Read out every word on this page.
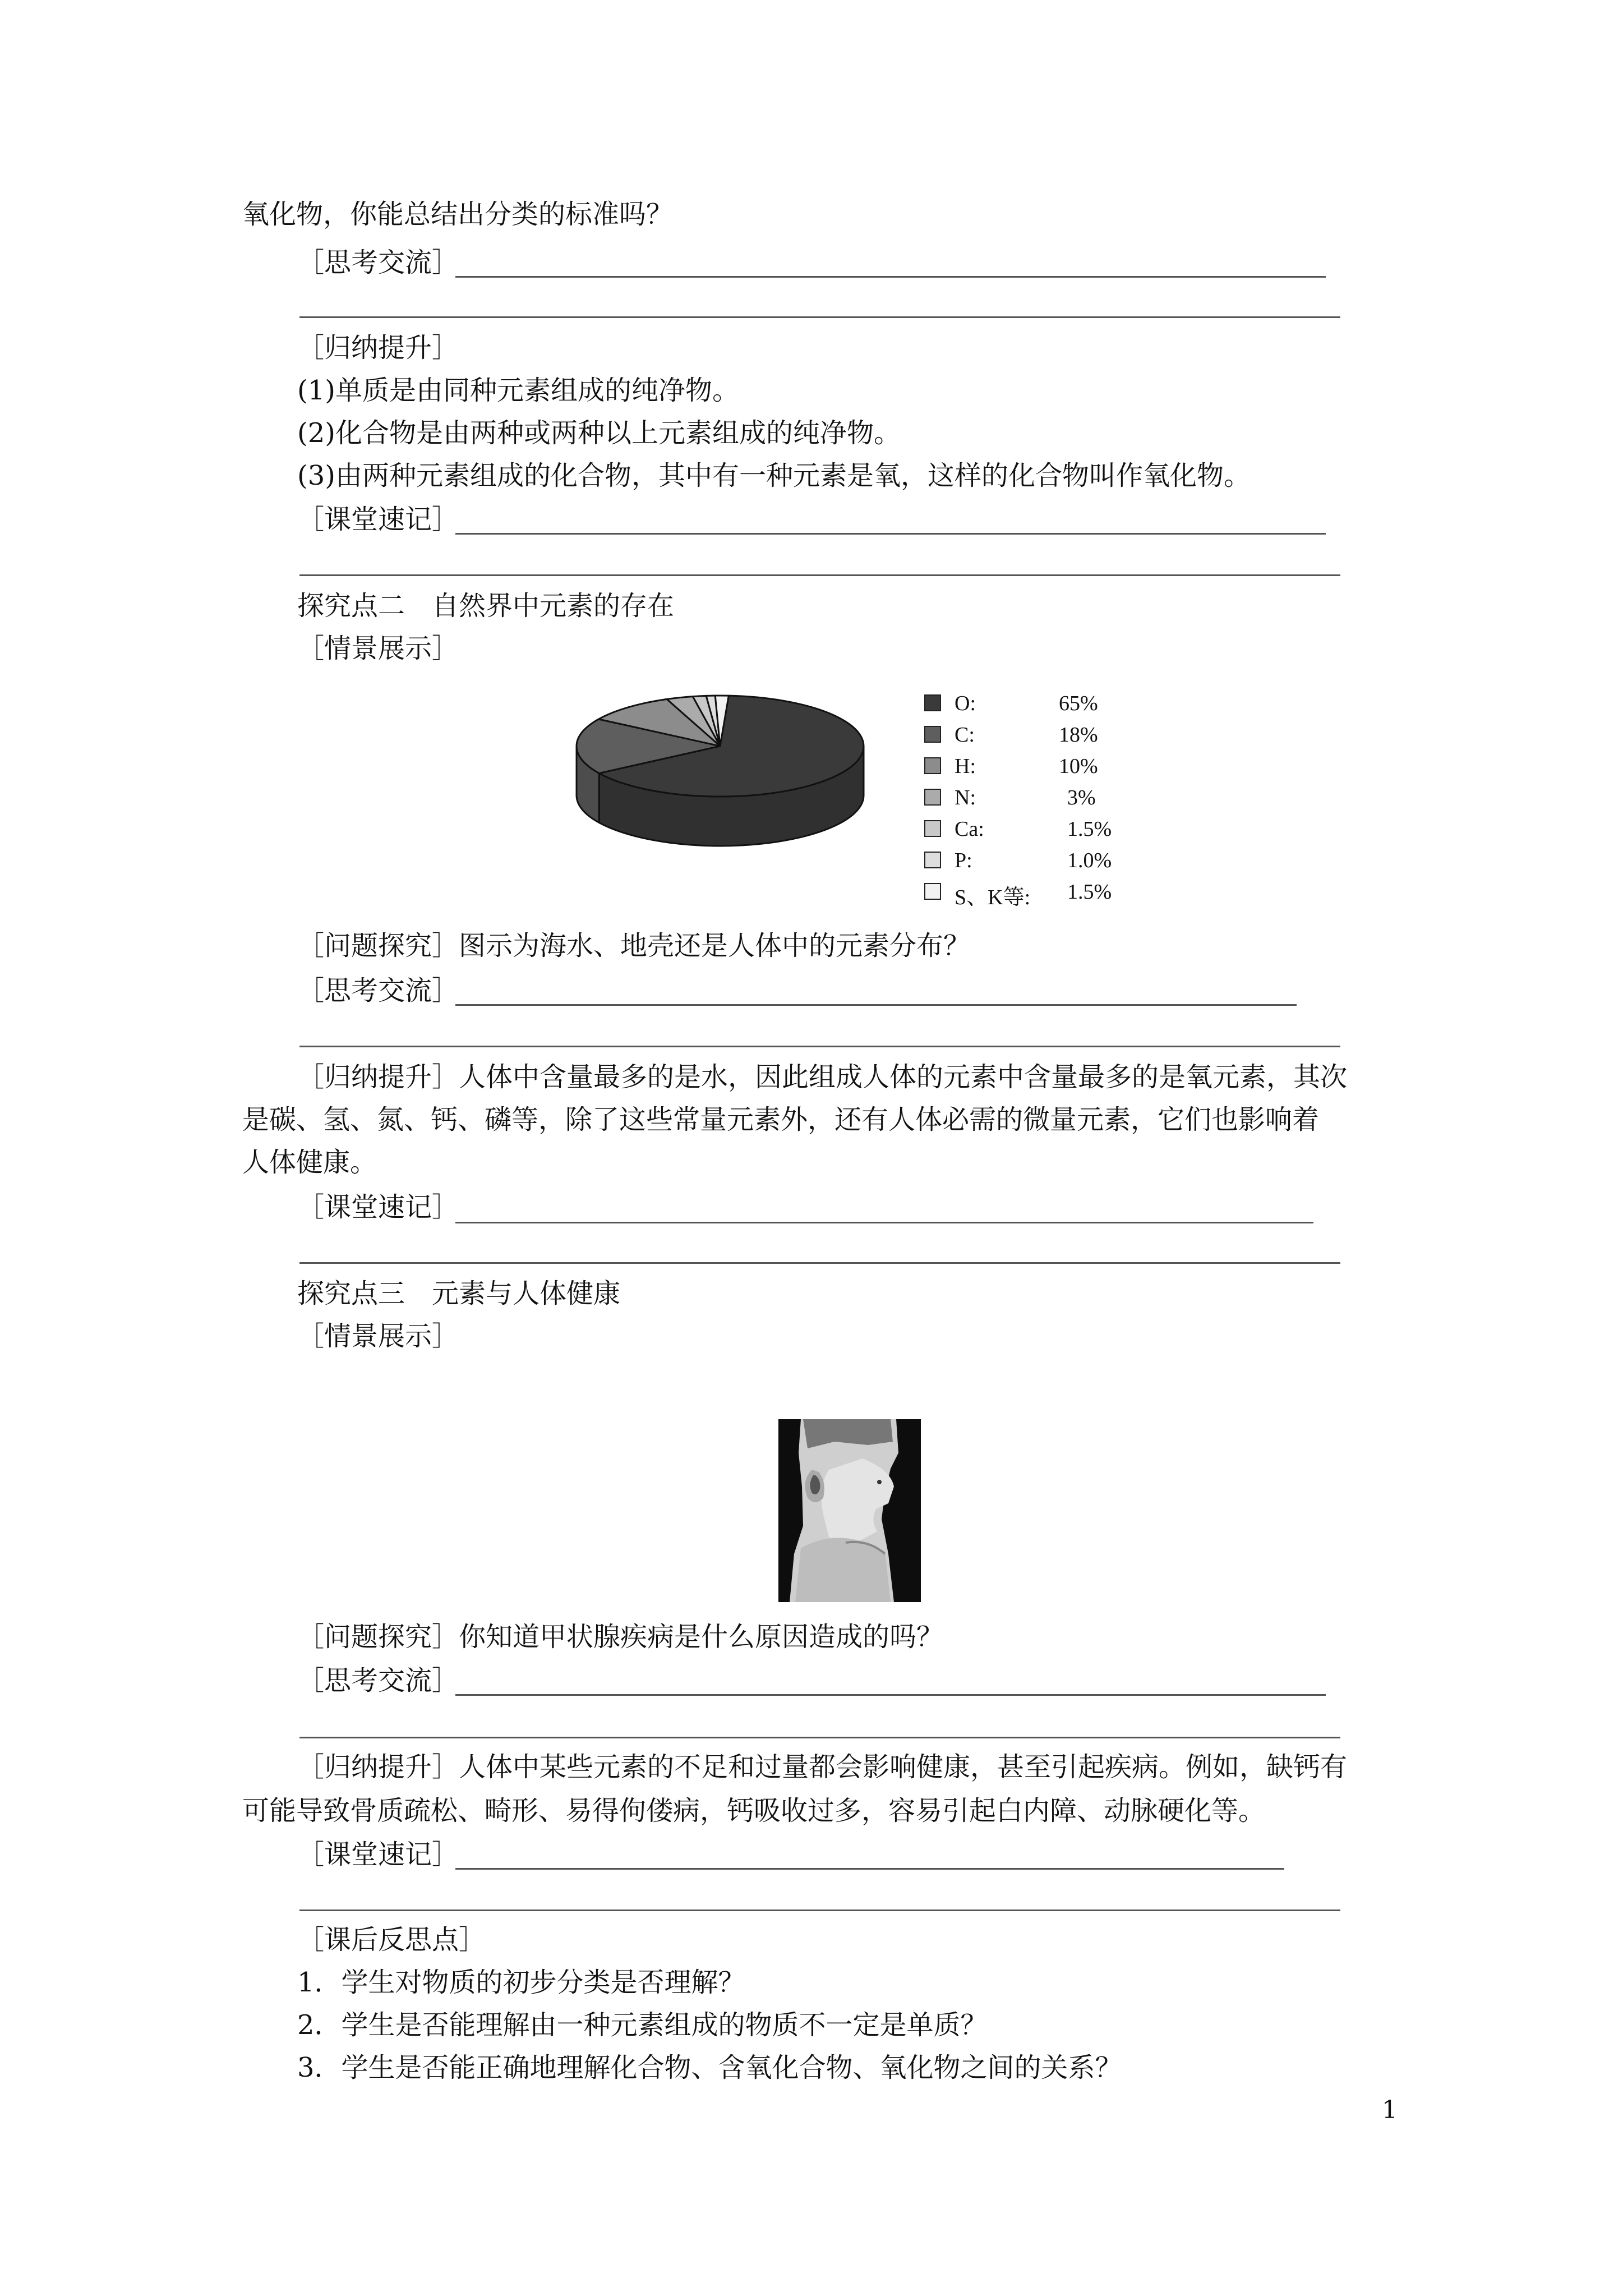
氧化物，你能总结出分类的标准吗？
［思考交流］
［归纳提升］
(1)单质是由同种元素组成的纯净物。
(2)化合物是由两种或两种以上元素组成的纯净物。
(3)由两种元素组成的化合物，其中有一种元素是氧，这样的化合物叫作氧化物。
［课堂速记］
探究点二　自然界中元素的存在
［情景展示］
O:	65%
C:	18%
H:	10%
N:	3%
Ca:	1.5%
P:	1.0%
S、K等: 1.5%
［问题探究］图示为海水、地壳还是人体中的元素分布？
［思考交流］
［归纳提升］人体中含量最多的是水，因此组成人体的元素中含量最多的是氧元素，其次
是碳、氢、氮、钙、磷等，除了这些常量元素外，还有人体必需的微量元素，它们也影响着
人体健康。
［课堂速记］
探究点三　元素与人体健康
［情景展示］
［问题探究］你知道甲状腺疾病是什么原因造成的吗？
［思考交流］
［归纳提升］人体中某些元素的不足和过量都会影响健康，甚至引起疾病。例如，缺钙有
可能导致骨质疏松、畸形、易得佝偻病，钙吸收过多，容易引起白内障、动脉硬化等。
［课堂速记］
［课后反思点］
1．学生对物质的初步分类是否理解？
2．学生是否能理解由一种元素组成的物质不一定是单质？
3．学生是否能正确地理解化合物、含氧化合物、氧化物之间的关系？
1
